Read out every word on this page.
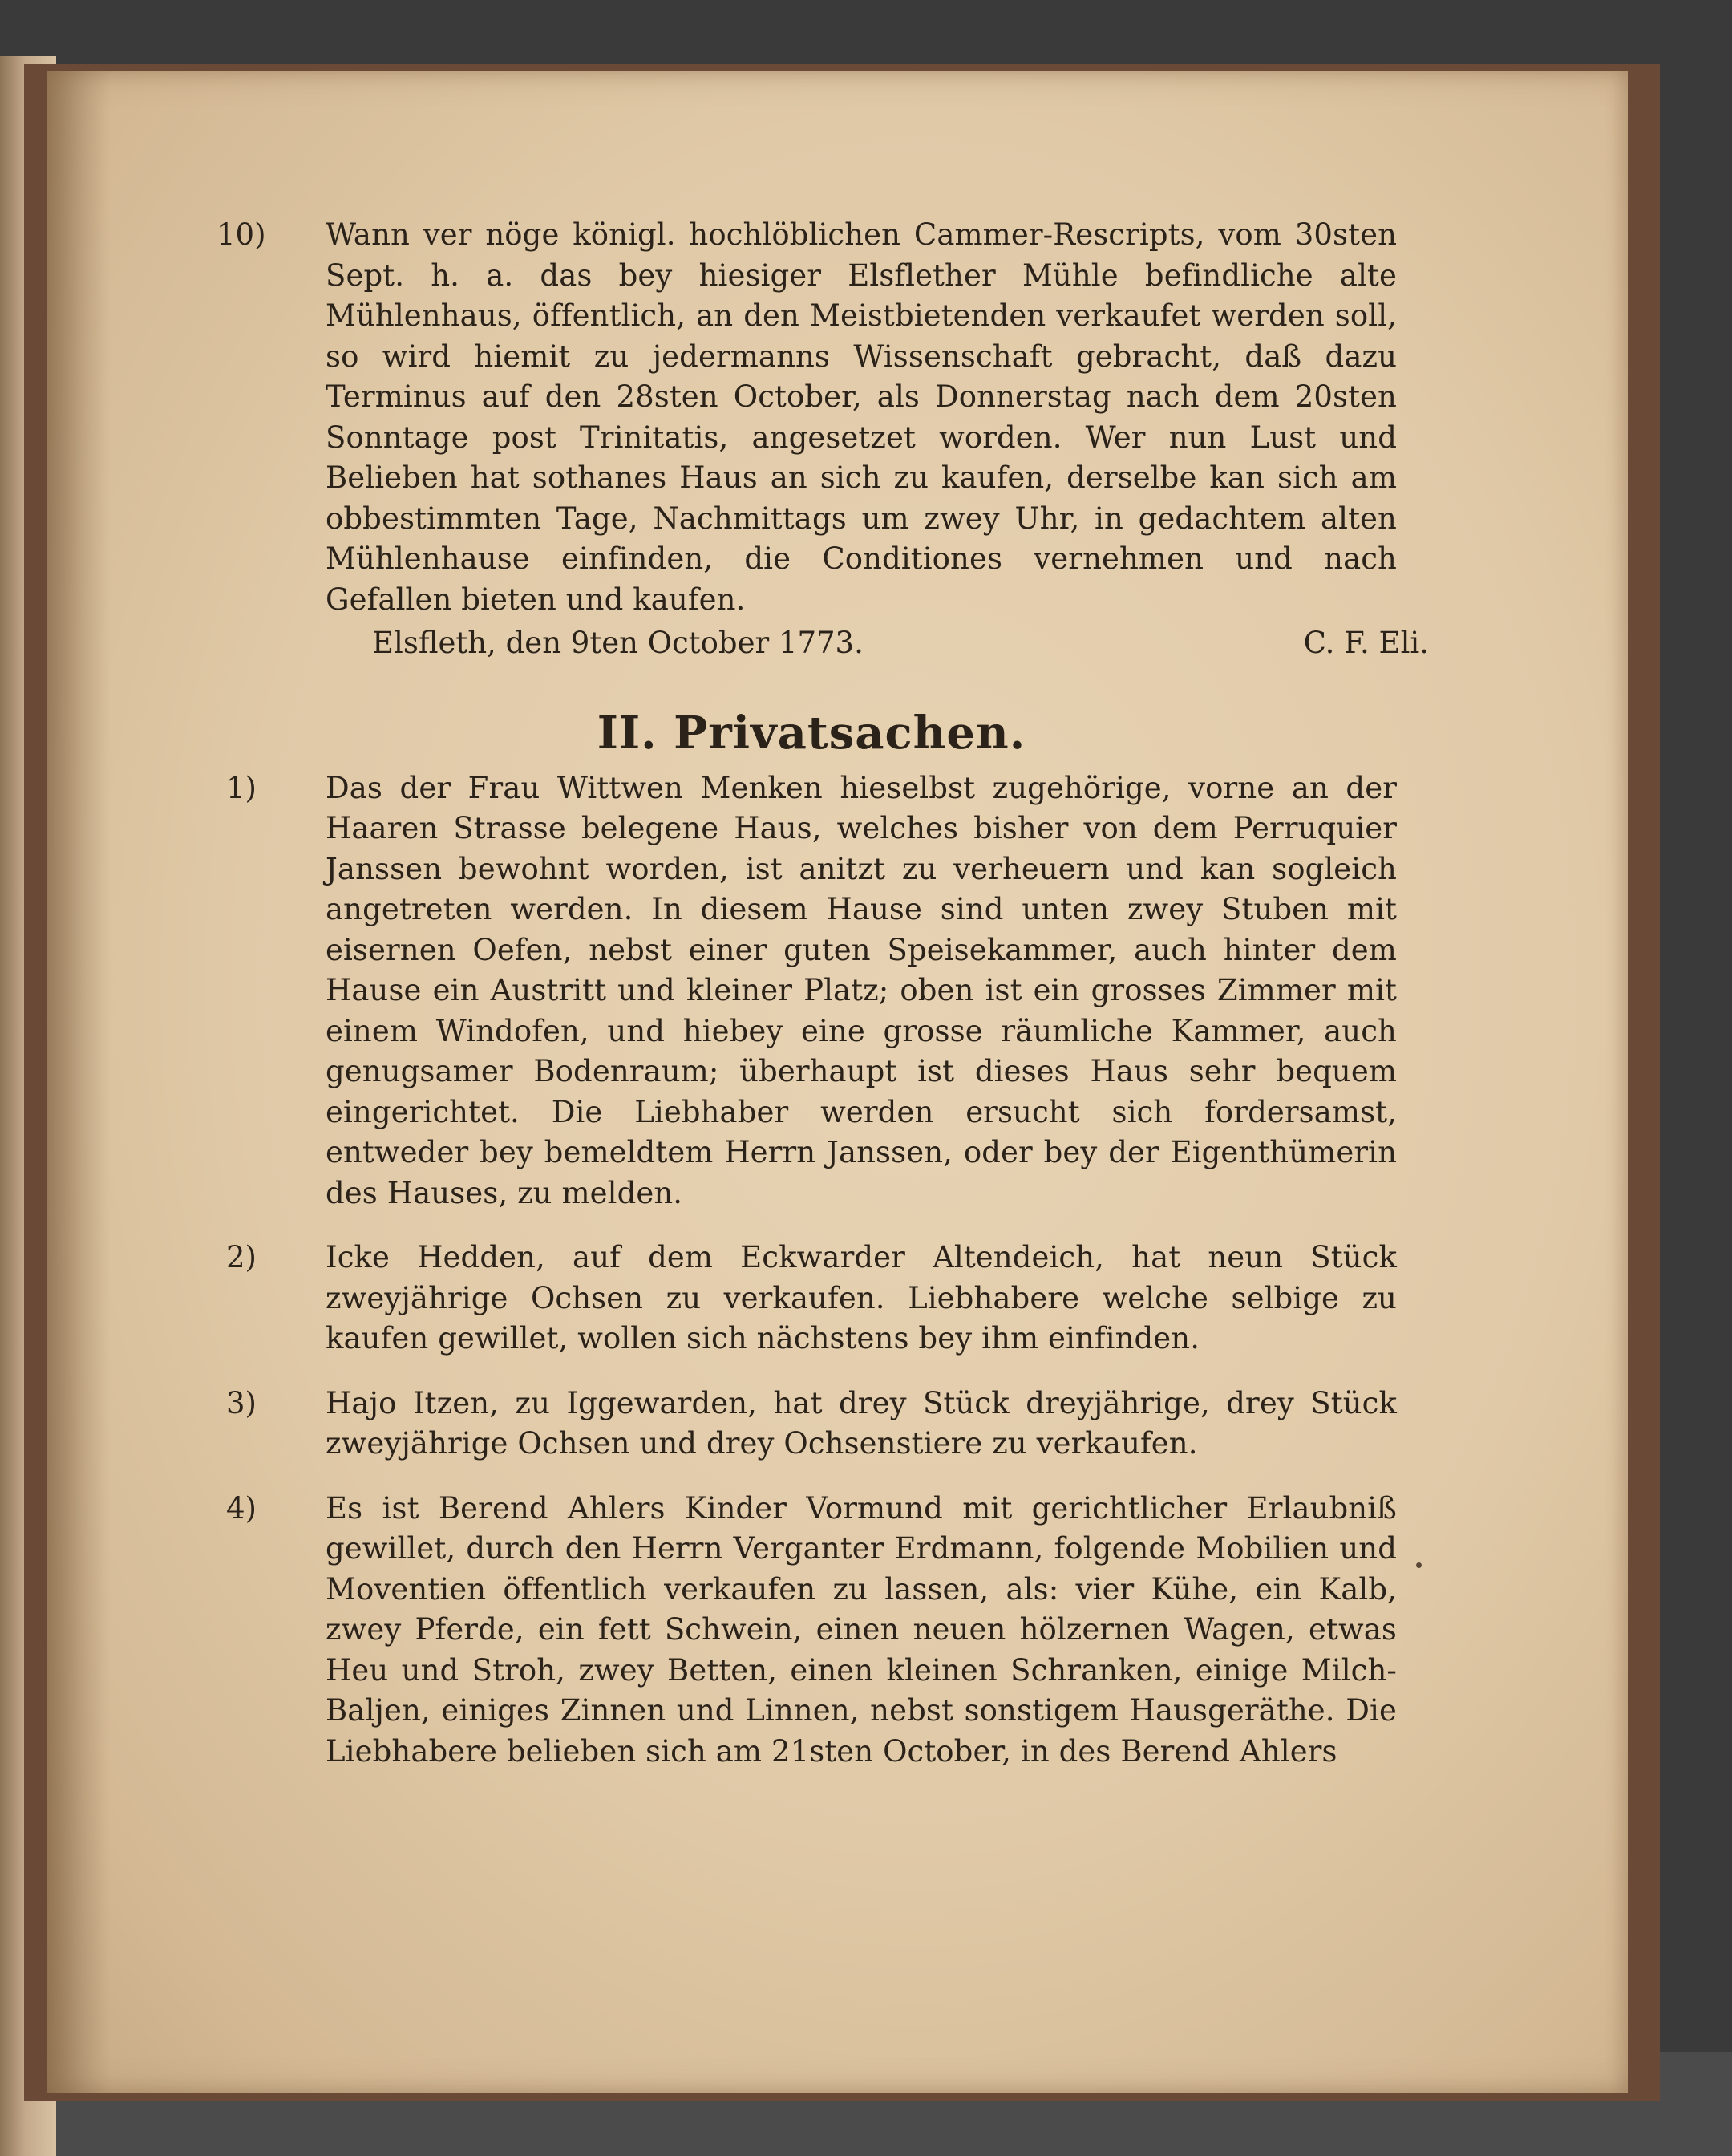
10)	Wann ver nöge königl. hochlöblichen Cammer-Rescripts, vom 30sten Sept. h. a. das bey hiesiger Elsflether Mühle befindliche alte Mühlenhaus, öffentlich, an den Meistbietenden verkaufet werden soll, so wird hiemit zu jedermanns Wissenschaft gebracht, daß dazu Terminus auf den 28sten October, als Donnerstag nach dem 20sten Sonntage post Trinitatis, angesetzet worden. Wer nun Lust und Belieben hat sothanes Haus an sich zu kaufen, derselbe kan sich am obbestimmten Tage, Nachmittags um zwey Uhr, in gedachtem alten Mühlenhause einfinden, die Conditiones vernehmen und nach Gefallen bieten und kaufen.
Elsfleth, den 9ten October 1773.	C. F. Eli.
II. Privatsachen.
1)	Das der Frau Wittwen Menken hieselbst zugehörige, vorne an der Haaren Strasse belegene Haus, welches bisher von dem Perruquier Janssen bewohnt worden, ist anitzt zu verheuern und kan sogleich angetreten werden. In diesem Hause sind unten zwey Stuben mit eisernen Oefen, nebst einer guten Speisekammer, auch hinter dem Hause ein Austritt und kleiner Platz; oben ist ein grosses Zimmer mit einem Windofen, und hiebey eine grosse räumliche Kammer, auch genugsamer Bodenraum; überhaupt ist dieses Haus sehr bequem eingerichtet. Die Liebhaber werden ersucht sich fordersamst, entweder bey bemeldtem Herrn Janssen, oder bey der Eigenthümerin des Hauses, zu melden.
2)	Icke Hedden, auf dem Eckwarder Altendeich, hat neun Stück zweyjährige Ochsen zu verkaufen. Liebhabere welche selbige zu kaufen gewillet, wollen sich nächstens bey ihm einfinden.
3)	Hajo Itzen, zu Iggewarden, hat drey Stück dreyjährige, drey Stück zweyjährige Ochsen und drey Ochsenstiere zu verkaufen.
4)	Es ist Berend Ahlers Kinder Vormund mit gerichtlicher Erlaubniß gewillet, durch den Herrn Verganter Erdmann, folgende Mobilien und Moventien öffentlich verkaufen zu lassen, als: vier Kühe, ein Kalb, zwey Pferde, ein fett Schwein, einen neuen hölzernen Wagen, etwas Heu und Stroh, zwey Betten, einen kleinen Schranken, einige Milch-Baljen, einiges Zinnen und Linnen, nebst sonstigem Hausgeräthe. Die Liebhabere belieben sich am 21sten October, in des Berend Ahlers
